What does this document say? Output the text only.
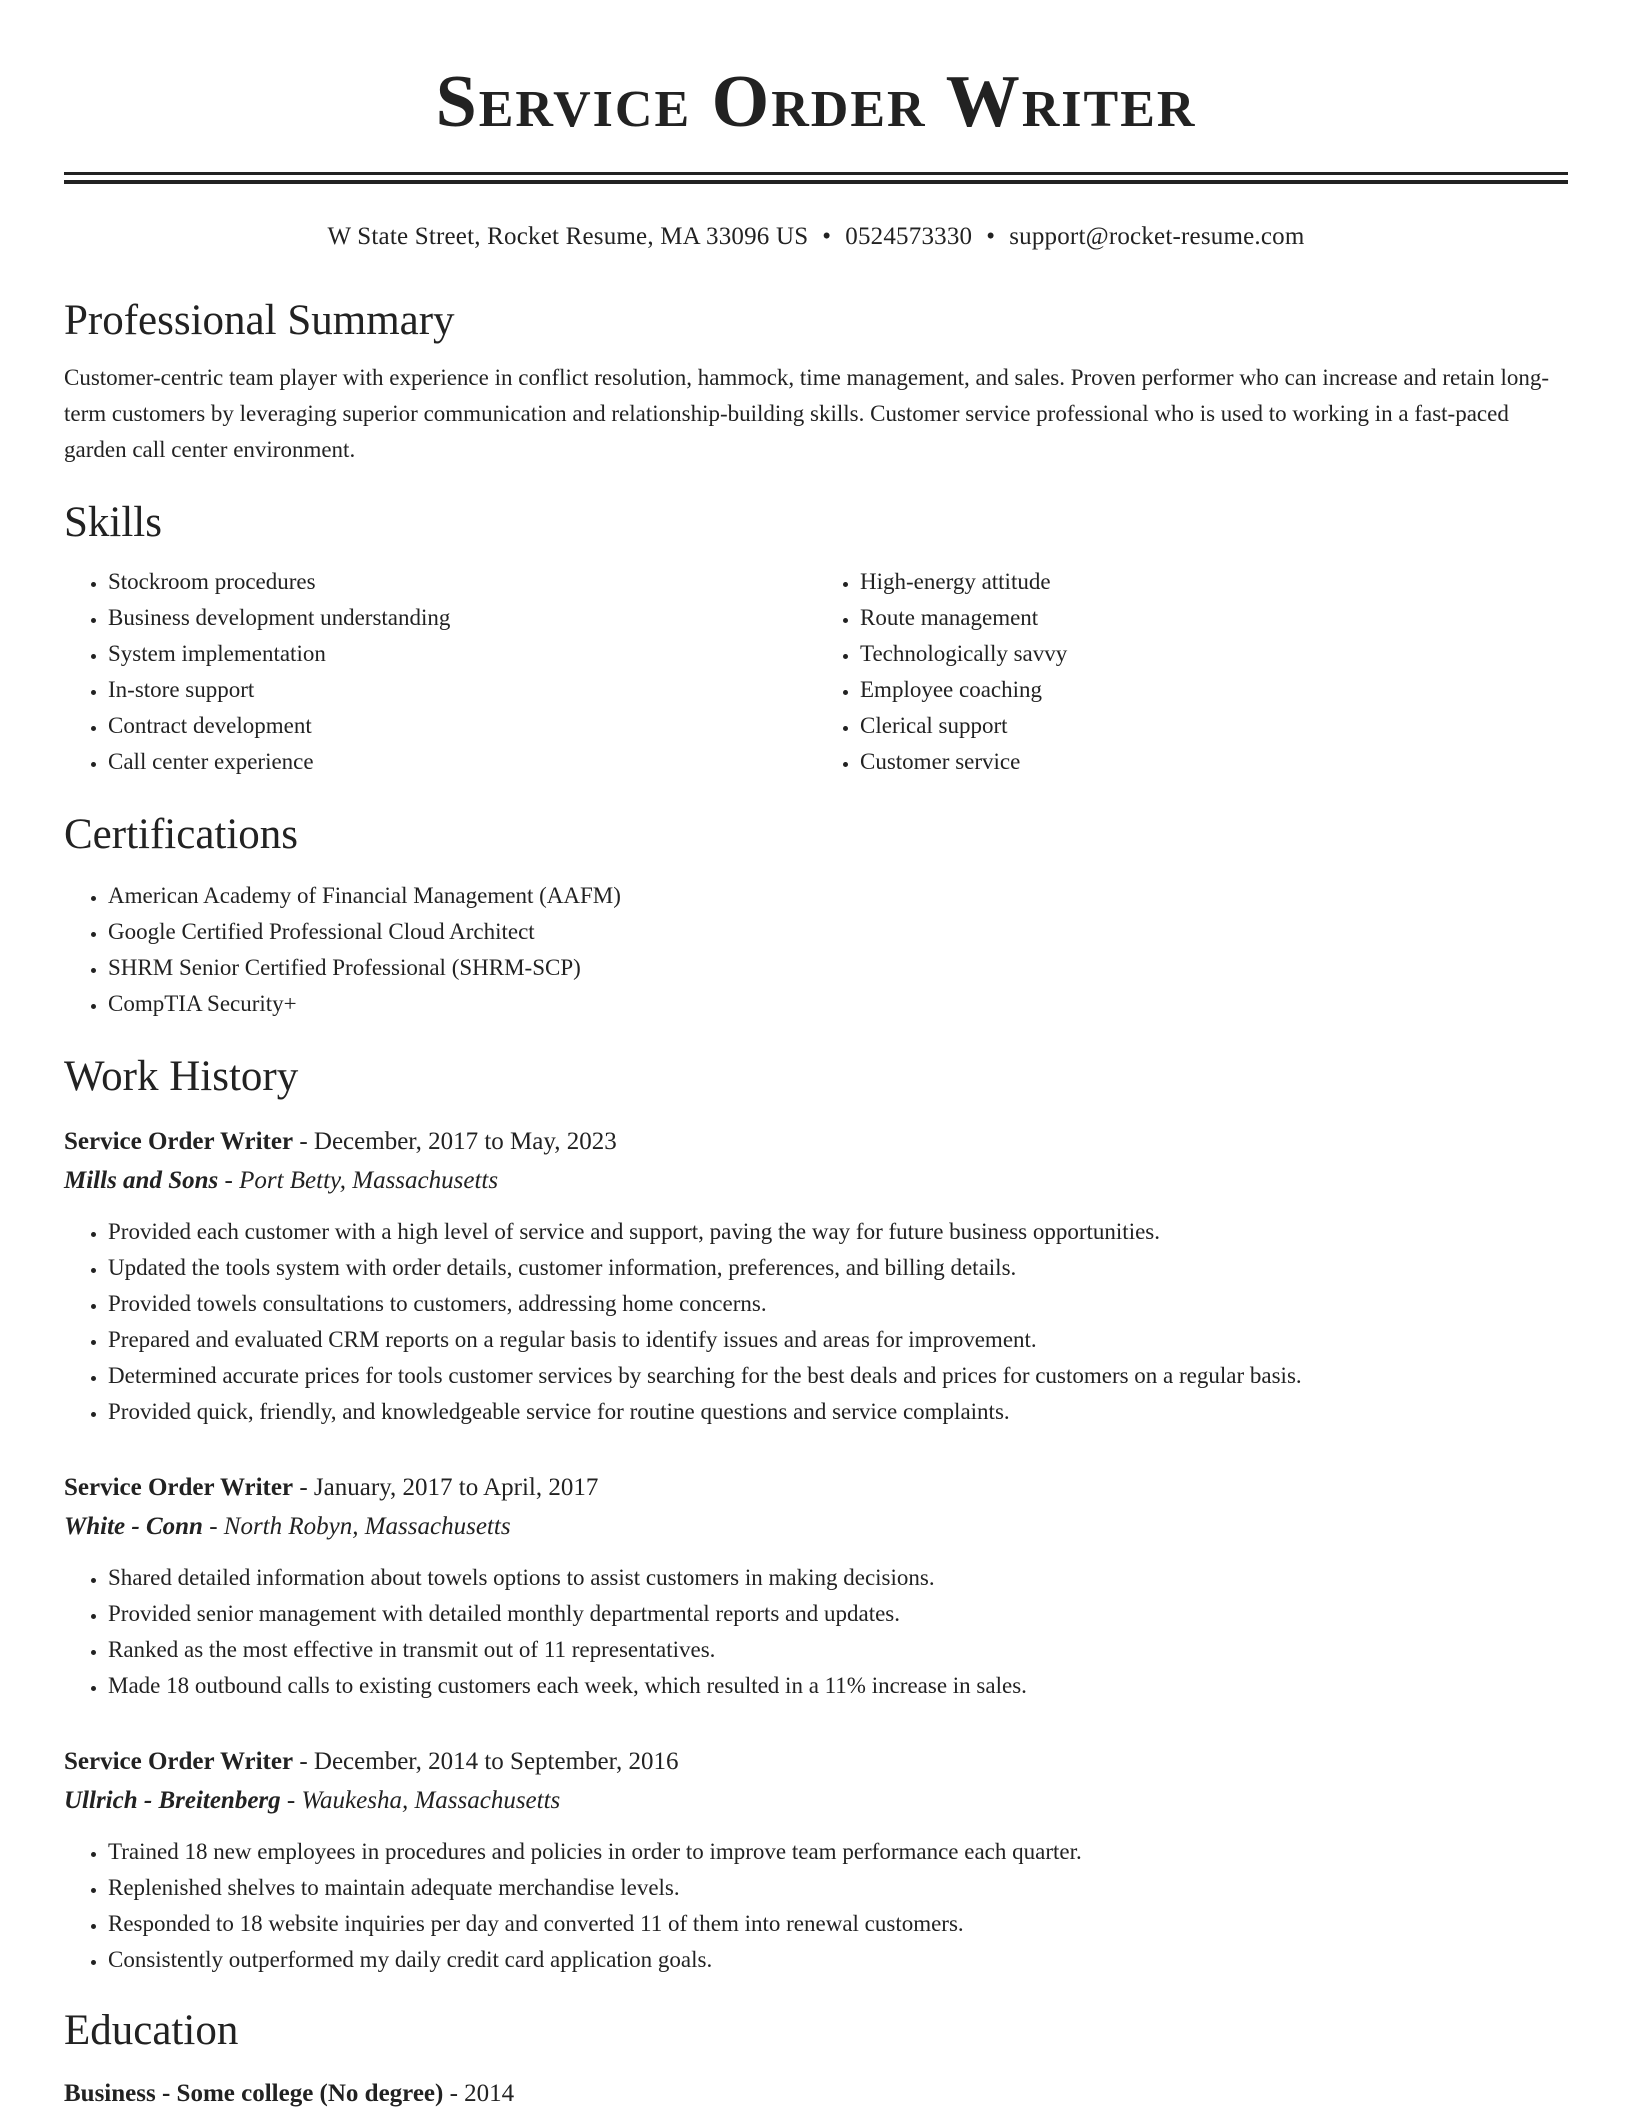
Service Order Writer
W State Street, Rocket Resume, MA 33096 US • 0524573330 • support@rocket-resume.com
Professional Summary
Customer-centric team player with experience in conflict resolution, hammock, time management, and sales. Proven performer who can increase and retain long-term customers by leveraging superior communication and relationship-building skills. Customer service professional who is used to working in a fast-paced garden call center environment.
Skills
• Stockroom procedures
• Business development understanding
• System implementation
• In-store support
• Contract development
• Call center experience
• High-energy attitude
• Route management
• Technologically savvy
• Employee coaching
• Clerical support
• Customer service
Certifications
• American Academy of Financial Management (AAFM)
• Google Certified Professional Cloud Architect
• SHRM Senior Certified Professional (SHRM-SCP)
• CompTIA Security+
Work History
Service Order Writer - December, 2017 to May, 2023
Mills and Sons - Port Betty, Massachusetts
• Provided each customer with a high level of service and support, paving the way for future business opportunities.
• Updated the tools system with order details, customer information, preferences, and billing details.
• Provided towels consultations to customers, addressing home concerns.
• Prepared and evaluated CRM reports on a regular basis to identify issues and areas for improvement.
• Determined accurate prices for tools customer services by searching for the best deals and prices for customers on a regular basis.
• Provided quick, friendly, and knowledgeable service for routine questions and service complaints.
Service Order Writer - January, 2017 to April, 2017
White - Conn - North Robyn, Massachusetts
• Shared detailed information about towels options to assist customers in making decisions.
• Provided senior management with detailed monthly departmental reports and updates.
• Ranked as the most effective in transmit out of 11 representatives.
• Made 18 outbound calls to existing customers each week, which resulted in a 11% increase in sales.
Service Order Writer - December, 2014 to September, 2016
Ullrich - Breitenberg - Waukesha, Massachusetts
• Trained 18 new employees in procedures and policies in order to improve team performance each quarter.
• Replenished shelves to maintain adequate merchandise levels.
• Responded to 18 website inquiries per day and converted 11 of them into renewal customers.
• Consistently outperformed my daily credit card application goals.
Education
Business - Some college (No degree) - 2014
